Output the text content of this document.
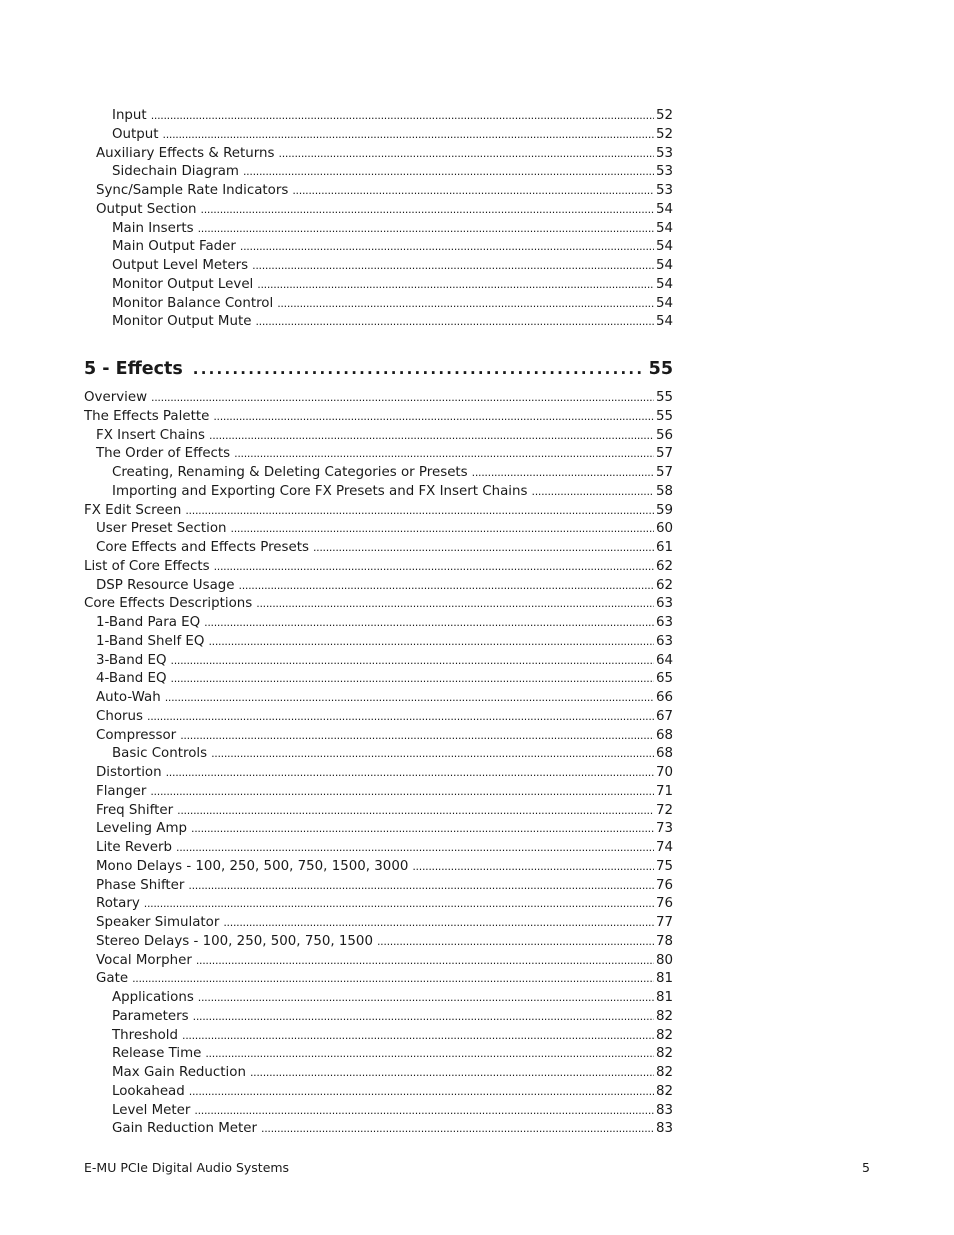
Input . . .	52
Output . . .	52
Auxiliary Effects & Returns . . .	53
Sidechain Diagram . . .	53
Sync/Sample Rate Indicators . . .	53
Output Section . . .	54
Main Inserts . . .	54
Main Output Fader . . .	54
Output Level Meters . . .	54
Monitor Output Level . . .	54
Monitor Balance Control . . .	54
Monitor Output Mute . . .	54
5 - Effects . . .	55
Overview . . .	55
The Effects Palette . . .	55
FX Insert Chains . . .	56
The Order of Effects . . .	57
Creating, Renaming & Deleting Categories or Presets . . .	57
Importing and Exporting Core FX Presets and FX Insert Chains . . .	58
FX Edit Screen . . .	59
User Preset Section . . .	60
Core Effects and Effects Presets . . .	61
List of Core Effects . . .	62
DSP Resource Usage . . .	62
Core Effects Descriptions . . .	63
1-Band Para EQ . . .	63
1-Band Shelf EQ . . .	63
3-Band EQ . . .	64
4-Band EQ . . .	65
Auto-Wah . . .	66
Chorus . . .	67
Compressor . . .	68
Basic Controls . . .	68
Distortion . . .	70
Flanger . . .	71
Freq Shifter . . .	72
Leveling Amp . . .	73
Lite Reverb . . .	74
Mono Delays - 100, 250, 500, 750, 1500, 3000 . . .	75
Phase Shifter . . .	76
Rotary . . .	76
Speaker Simulator . . .	77
Stereo Delays - 100, 250, 500, 750, 1500 . . .	78
Vocal Morpher . . .	80
Gate . . .	81
Applications . . .	81
Parameters . . .	82
Threshold . . .	82
Release Time . . .	82
Max Gain Reduction . . .	82
Lookahead . . .	82
Level Meter . . .	83
Gain Reduction Meter . . .	83
E-MU PCIe Digital Audio Systems	5
